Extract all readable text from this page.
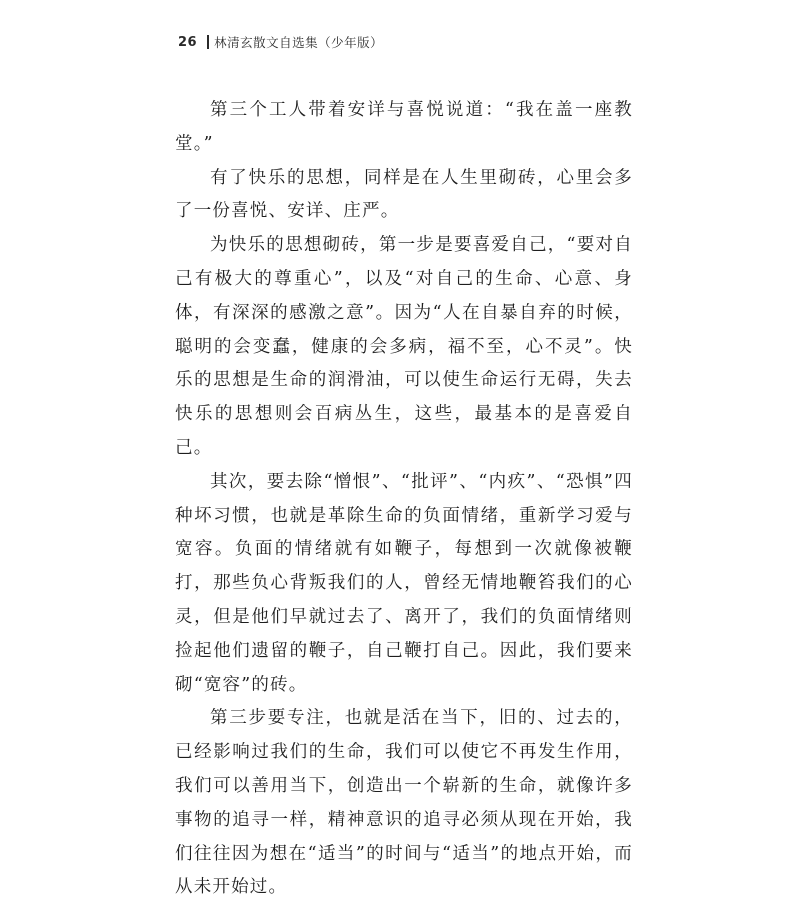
26 林清玄散文自选集（少年版）

第三个工人带着安详与喜悦说道：“我在盖一座教堂。”

有了快乐的思想，同样是在人生里砌砖，心里会多了一份喜悦、安详、庄严。

为快乐的思想砌砖，第一步是要喜爱自己，“要对自己有极大的尊重心”，以及“对自己的生命、心意、身体，有深深的感激之意”。因为“人在自暴自弃的时候，聪明的会变蠢，健康的会多病，福不至，心不灵”。快乐的思想是生命的润滑油，可以使生命运行无碍，失去快乐的思想则会百病丛生，这些，最基本的是喜爱自己。

其次，要去除“憎恨”、“批评”、“内疚”、“恐惧”四种坏习惯，也就是革除生命的负面情绪，重新学习爱与宽容。负面的情绪就有如鞭子，每想到一次就像被鞭打，那些负心背叛我们的人，曾经无情地鞭笞我们的心灵，但是他们早就过去了、离开了，我们的负面情绪则捡起他们遗留的鞭子，自己鞭打自己。因此，我们要来砌“宽容”的砖。

第三步要专注，也就是活在当下，旧的、过去的，已经影响过我们的生命，我们可以使它不再发生作用，我们可以善用当下，创造出一个崭新的生命，就像许多事物的追寻一样，精神意识的追寻必须从现在开始，我们往往因为想在“适当”的时间与“适当”的地点开始，而从未开始过。
